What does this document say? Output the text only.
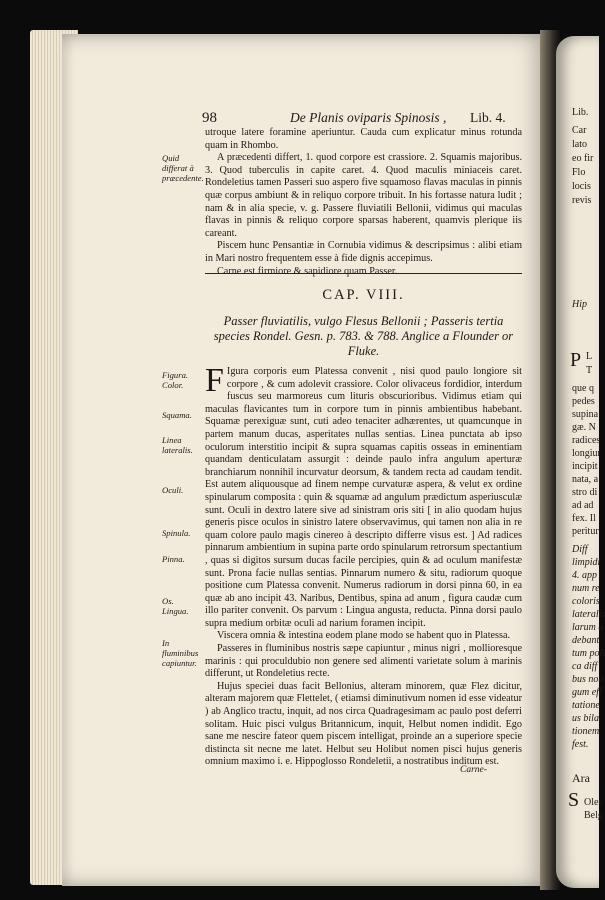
Lib.
Car
lato
eo fir
Flo
locis
revis
Hip
P L
T
que q
pedes
supina
gæ. N
radices
longiur
incipit
nata, a
stro di
ad ad
fex. Il
peritur
Diff
limpidi
4. app
num re
coloris
lateralis
larum a
debant
tum poll
ca diff
bus non
gum eff
tatione
us bila
tionem
fest.
Ara
S Olea
Belg
98	De Planis oviparis Spinosis , Lib. 4.

utroque latere foramine aperiuntur. Cauda cum explicatur minus rotunda quam in Rhombo.

A præcedenti differt, 1. quod corpore est crassiore. 2. Squamis majoribus. 3. Quod tuberculis in capite caret. 4. Quod maculis miniaceis caret. Rondeletius tamen Passeri suo aspero five squamoso flavas maculas in pinnis quæ corpus ambiunt & in reliquo corpore tribuit. In his fortasse natura ludit ; nam & in alia specie, v. g. Passere fluviatili Bellonii, vidimus qui maculas flavas in pinnis & reliquo corpore sparsas haberent, quamvis plerique iis careant.

Piscem hunc Pensantiæ in Cornubia vidimus & descripsimus : alibi etiam in Mari nostro frequentem esse à fide dignis accepimus.

Carne est firmiore & sapidiore quam Passer.

Quid differat à præcedente.
CAP. VIII.
Passer fluviatilis, vulgo Flesus Bellonii ; Passeris tertia species Rondel. Gesn. p. 783. & 788. Anglice a Flounder or Fluke.

F Igura corporis eum Platessa convenit , nisi quod paulo longiore sit corpore , & cum adolevit crassiore. Color olivaceus fordidior, interdum fuscus seu marmoreus cum lituris obscurioribus. Vidimus etiam qui maculas flavicantes tum in corpore tum in pinnis ambientibus habebant. Squamæ perexiguæ sunt, cuti adeo tenaciter adhærentes, ut quamcunque in partem manum ducas, asperitates nullas sentias. Linea punctata ab ipso oculorum interstitio incipit & supra squamas capitis osseas in eminentiam quandam denticulatam assurgit : deinde paulo infra angulum aperturæ branchiarum nonnihil incurvatur deorsum, & tandem recta ad caudam tendit. Est autem aliquousque ad finem nempe curvaturæ aspera, & velut ex ordine spinularum composita : quin & squamæ ad angulum prædictum asperiusculæ sunt. Oculi in dextro latere sive ad sinistram oris siti [ in alio quodam hujus generis pisce oculos in sinistro latere observavimus, qui tamen non alia in re quam colore paulo magis cinereo à descripto differre visus est. ] Ad radices pinnarum ambientium in supina parte ordo spinularum retrorsum spectantium , quas si digitos sursum ducas facile percipies, quin & ad oculum manifestæ sunt. Prona facie nullas sentias. Pinnarum numero & situ, radiorum quoque positione cum Platessa convenit. Numerus radiorum in dorsi pinna 60, in ea quæ ab ano incipit 43. Naribus, Dentibus, spina ad anum , figura caudæ cum illo pariter convenit. Os parvum : Lingua angusta, reducta. Pinna dorsi paulo supra medium orbitæ oculi ad narium foramen incipit.

Viscera omnia & intestina eodem plane modo se habent quo in Platessa.

Passeres in fluminibus nostris sæpe capiuntur , minus nigri , mollioresque marinis : qui proculdubio non genere sed alimenti varietate solum à marinis differunt, ut Rondeletius recte.

Hujus speciei duas facit Bellonius, alteram minorem, quæ Flez dicitur, alteram majorem quæ Flettelet, ( etiamsi diminutivum nomen id esse videatur ) ab Anglico tractu, inquit, ad nos circa Quadragesimam ac paulo post deferri solitam. Huic pisci vulgus Britannicum, inquit, Helbut nomen indidit. Ego sane me nescire fateor quem piscem intelligat, proinde an a superiore specie distincta sit necne me latet. Helbut seu Holibut nomen pisci hujus generis omnium maximo i. e. Hippoglosso Rondeletii, a nostratibus inditum est.

Carne-
Figura.
Color.
Squama.
Linea lateralis.
Oculi.
Spinula.
Pinna.
Os.
Lingua.
In fluminibus capiuntur.
